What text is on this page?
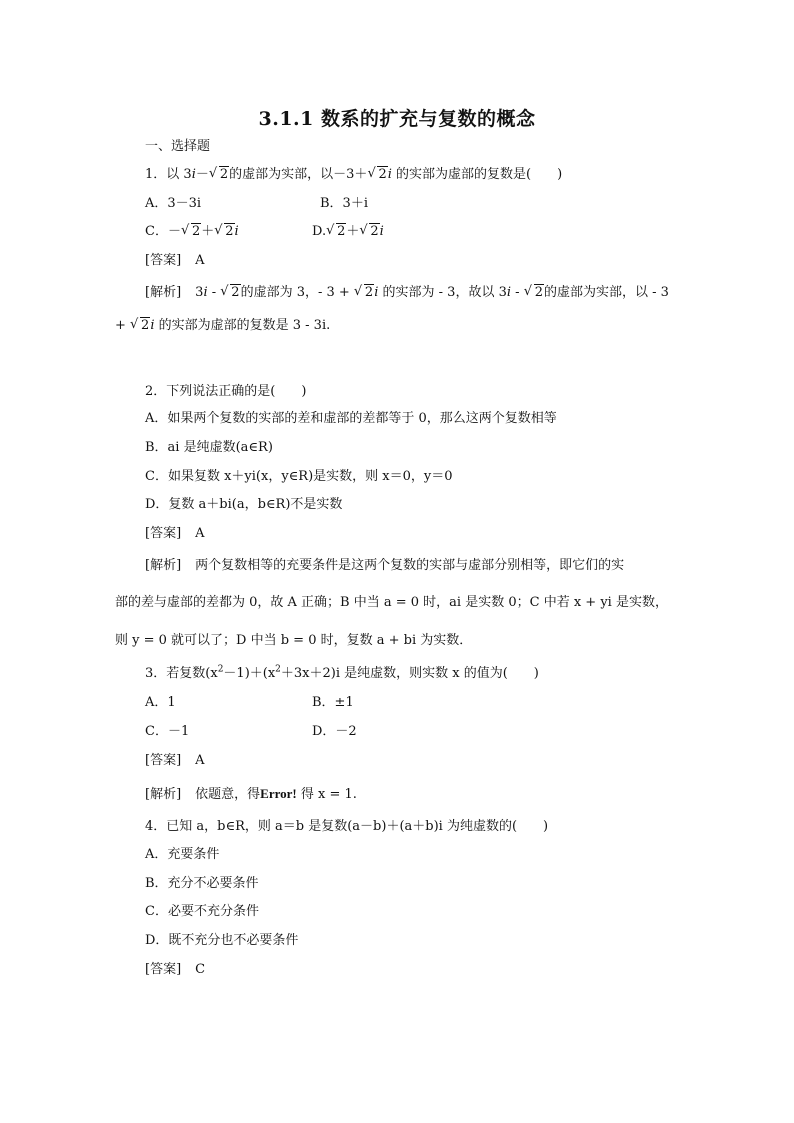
3.1.1 数系的扩充与复数的概念
一、选择题
1．以 3i－ √ 2的虚部为实部，以－3＋ √ 2i 的实部为虚部的复数是(　　)
A．3－3i	B．3＋i
C．－ √ 2＋ √ 2i	D. √ 2＋ √ 2i
[答案] A
[解析] 3i - √ 2的虚部为 3，- 3 + √ 2i 的实部为 - 3，故以 3i - √ 2的虚部为实部，以 - 3
+ √ 2i 的实部为虚部的复数是 3 - 3i.
2．下列说法正确的是(　　)
A．如果两个复数的实部的差和虚部的差都等于 0，那么这两个复数相等
B．ai 是纯虚数(a∈R)
C．如果复数 x＋yi(x，y∈R)是实数，则 x＝0，y＝0
D．复数 a＋bi(a，b∈R)不是实数
[答案] A
[解析] 两个复数相等的充要条件是这两个复数的实部与虚部分别相等，即它们的实
部的差与虚部的差都为 0，故 A 正确；B 中当 a = 0 时，ai 是实数 0；C 中若 x + yi 是实数，
则 y = 0 就可以了；D 中当 b = 0 时，复数 a + bi 为实数．
3．若复数$(x^2-1)+(x^2+3x+2)i$ 是纯虚数，则实数 x 的值为(　　)
A．1	B．±1
C．－1	D．－2
[答案] A
[解析] 依题意，得Error! 得 x = 1.
4．已知 a，b∈R，则 a＝b 是复数(a－b)＋(a＋b)i 为纯虚数的(　　)
A．充要条件
B．充分不必要条件
C．必要不充分条件
D．既不充分也不必要条件
[答案] C
